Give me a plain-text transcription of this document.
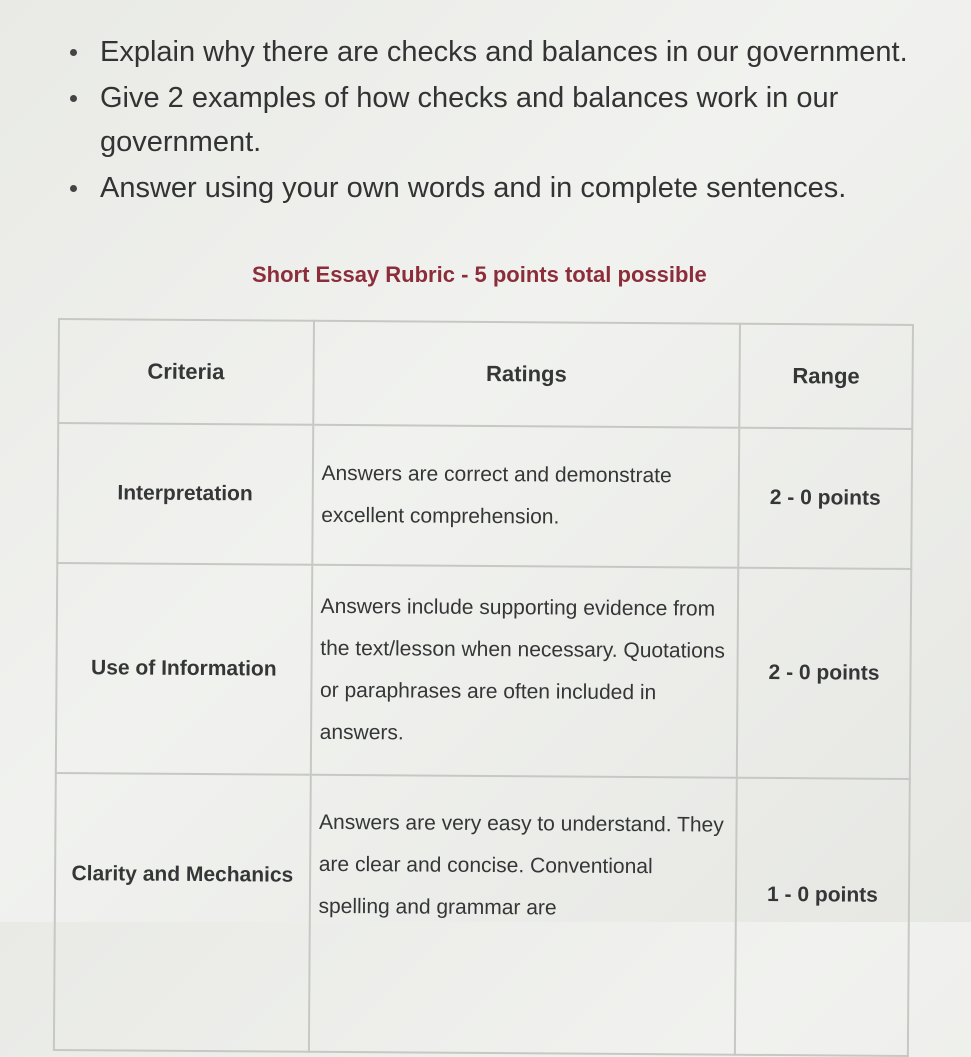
Explain why there are checks and balances in our government.
Give 2 examples of how checks and balances work in our government.
Answer using your own words and in complete sentences.
Short Essay Rubric - 5 points total possible
Criteria	Ratings	Range
Interpretation	Answers are correct and demonstrate excellent comprehension.	2 - 0 points
Use of Information	Answers include supporting evidence from the text/lesson when necessary. Quotations or paraphrases are often included in answers.	2 - 0 points
Clarity and Mechanics	Answers are very easy to understand. They are clear and concise. Conventional spelling and grammar are	1 - 0 points
